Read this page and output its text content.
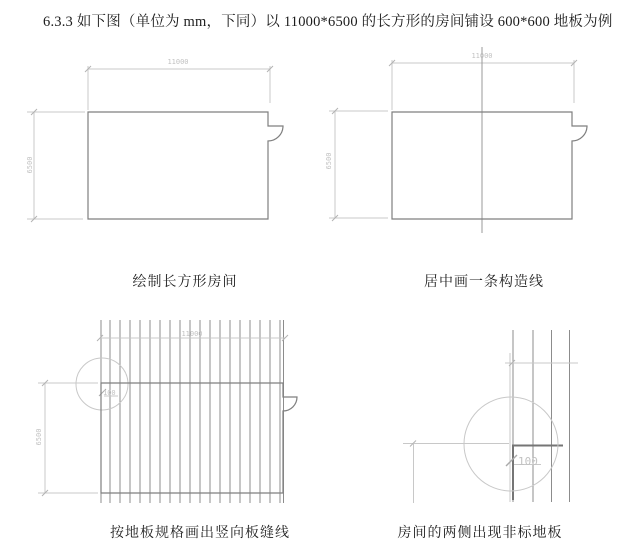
6.3.3 如下图（单位为 mm，下同）以 11000*6500 的长方形的房间铺设 600*600 地板为例
11000
6500
11000
6500
11000
6500
100
100
绘制长方形房间	居中画一条构造线
按地板规格画出竖向板缝线	房间的两侧出现非标地板
